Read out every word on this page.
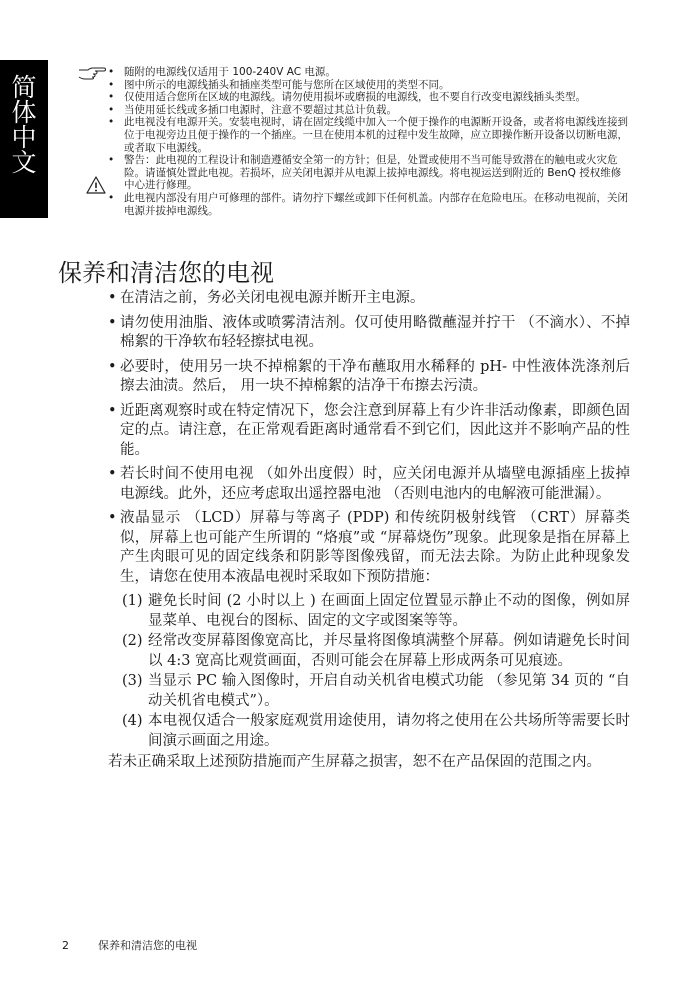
简体中文

• 随附的电源线仅适用于 100-240V AC 电源。

• 图中所示的电源线插头和插座类型可能与您所在区域使用的类型不同。

• 仅使用适合您所在区域的电源线。请勿使用损坏或磨损的电源线，也不要自行改变电源线插头类型。

• 当使用延长线或多插口电源时，注意不要超过其总计负载。

• 此电视没有电源开关。安装电视时，请在固定线缆中加入一个便于操作的电源断开设备，或者将电源线连接到位于电视旁边且便于操作的一个插座。一旦在使用本机的过程中发生故障，应立即操作断开设备以切断电源，或者取下电源线。

• 警告：此电视的工程设计和制造遵循安全第一的方针；但是，处置或使用不当可能导致潜在的触电或火灾危险。请谨慎处置此电视。若损坏，应关闭电源并从电源上拔掉电源线。将电视运送到附近的 BenQ 授权维修中心进行修理。

• 此电视内部没有用户可修理的部件。请勿拧下螺丝或卸下任何机盖。内部存在危险电压。在移动电视前，关闭电源并拔掉电源线。

保养和清洁您的电视

• 在清洁之前，务必关闭电视电源并断开主电源。

• 请勿使用油脂、液体或喷雾清洁剂。仅可使用略微蘸湿并拧干 （不滴水）、不掉棉絮的干净软布轻轻擦拭电视。

• 必要时，使用另一块不掉棉絮的干净布蘸取用水稀释的 pH- 中性液体洗涤剂后擦去油渍。然后， 用一块不掉棉絮的洁净干布擦去污渍。

• 近距离观察时或在特定情况下，您会注意到屏幕上有少许非活动像素，即颜色固定的点。请注意，在正常观看距离时通常看不到它们，因此这并不影响产品的性能。

• 若长时间不使用电视 （如外出度假）时，应关闭电源并从墙壁电源插座上拔掉电源线。此外，还应考虑取出遥控器电池 （否则电池内的电解液可能泄漏）。

• 液晶显示 （LCD）屏幕与等离子 (PDP) 和传统阴极射线管 （CRT）屏幕类似，屏幕上也可能产生所谓的 “烙痕”或 “屏幕烧伤”现象。此现象是指在屏幕上产生肉眼可见的固定线条和阴影等图像残留，而无法去除。为防止此种现象发生，请您在使用本液晶电视时采取如下预防措施：

(1) 避免长时间 (2 小时以上 ) 在画面上固定位置显示静止不动的图像，例如屏显菜单、电视台的图标、固定的文字或图案等等。

(2) 经常改变屏幕图像宽高比，并尽量将图像填满整个屏幕。例如请避免长时间以 4:3 宽高比观赏画面，否则可能会在屏幕上形成两条可见痕迹。

(3) 当显示 PC 输入图像时，开启自动关机省电模式功能 （参见第 34 页的 “自动关机省电模式”）。

(4) 本电视仅适合一般家庭观赏用途使用，请勿将之使用在公共场所等需要长时间演示画面之用途。

若未正确采取上述预防措施而产生屏幕之损害，恕不在产品保固的范围之内。

2	保养和清洁您的电视
